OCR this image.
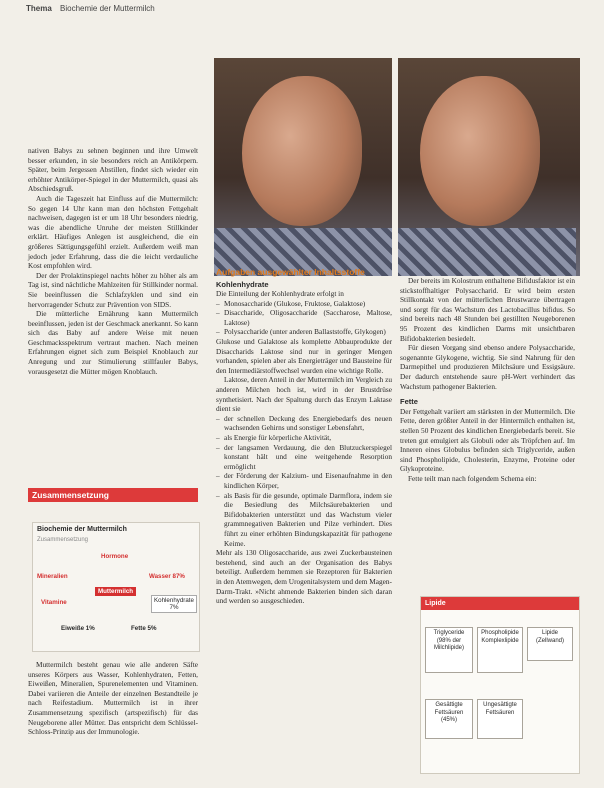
Thema Biochemie der Muttermilch

nativen Babys zu sehnen beginnen und ihre Umwelt besser erkunden, in sie besonders reich an Antikörpern. Später, beim Jergessen Abstillen, findet sich wieder ein erhöhter Antikörper-Spiegel in der Muttermilch, quasi als Abschiedsgruß.

Auch die Tageszeit hat Einfluss auf die Muttermilch: So gegen 14 Uhr kann man den höchsten Fettgehalt nachweisen, dagegen ist er um 18 Uhr besonders niedrig, was die abendliche Unruhe der meisten Stillkinder erklärt. Häufiges Anlegen ist ausgleichend, die ein größeres Sättigungsgefühl erzielt. Außerdem weiß man jedoch jeder Erfahrung, dass die die leicht verdauliche Kost empfohlen wird.

Der der Prolaktinspiegel nachts höher zu höher als am Tag ist, sind nächtliche Mahlzeiten für Stillkinder normal. Sie beeinflussen die Schlafzyklen und sind ein hervorragender Schutz zur Prävention von SIDS.

Die mütterliche Ernährung kann Muttermilch beeinflussen, jeden ist der Geschmack anerkannt. So kann sich das Baby auf andere Weise mit neuen Geschmacksspektrum vertraut machen. Nach meinen Erfahrungen eignet sich zum Beispiel Knoblauch zur Anregung und zur Stimulierung stillfauler Babys, vorausgesetzt die Mütter mögen Knoblauch.

Zusammensetzung
Biochemie der Muttermilch
Zusammensetzung
Hormone
Mineralien	Wasser 87%
Muttermilch
Vitamine	Kohlenhydrate 7%
Eiweiße 1%	Fette 5%

Muttermilch besteht genau wie alle anderen Säfte unseres Körpers aus Wasser, Kohlenhydraten, Fetten, Eiweißen, Mineralien, Spurenelementen und Vitaminen. Dabei variieren die Anteile der einzelnen Bestandteile je nach Reifestadium. Muttermilch ist in ihrer Zusammensetzung spezifisch (artspezifisch) für das Neugeborene aller Mütter. Das entspricht dem Schlüssel-Schloss-Prinzip aus der Immunologie.

Aufgaben ausgewählter Inhaltsstoffe
Kohlenhydrate

Die Einteilung der Kohlenhydrate erfolgt in

– Monosaccharide (Glukose, Fruktose, Galaktose)
– Disaccharide, Oligosaccharide (Saccharose, Maltose, Laktose)
– Polysaccharide (unter anderen Ballaststoffe, Glykogen)

Glukose und Galaktose als komplette Abbauprodukte der Disaccharids Laktose sind nur in geringer Mengen vorhanden, spielen aber als Energieträger und Bausteine für den Intermediärstoffwechsel wurden eine wichtige Rolle.

Laktose, deren Anteil in der Muttermilch im Vergleich zu anderen Milchen hoch ist, wird in der Brustdrüse synthetisiert. Nach der Spaltung durch das Enzym Laktase dient sie

– der schnellen Deckung des Energiebedarfs des neuen wachsenden Gehirns und sonstiger Lebensfahrt,
– als Energie für körperliche Aktivität,
– der langsamen Verdauung, die den Blutzuckerspiegel konstant hält und eine weitgehende Resorption ermöglicht
– der Förderung der Kalzium- und Eisenaufnahme in den kindlichen Körper,
– als Basis für die gesunde, optimale Darmflora, indem sie die Besiedlung des Milchsäurebakterien und Bifidobakterien unterstützt und das Wachstum vieler grammnegativen Bakterien und Pilze verhindert. Dies führt zu einer erhöhten Bindungskapazität für pathogene Keime.

Mehr als 130 Oligosaccharide, aus zwei Zuckerbausteinen bestehend, sind auch an der Organisation des Babys beteiligt. Außerdem hemmen sie Rezeptoren für Bakterien in den Atemwegen, dem Urogenitalsystem und dem Magen-Darm-Trakt. »Nicht ahmende Bakterien binden sich daran und werden so ausgeschieden.

Der bereits im Kolostrum enthaltene Bifidusfaktor ist ein stickstoffhaltiger Polysaccharid. Er wird beim ersten Stillkontakt von der mütterlichen Brustwarze übertragen und sorgt für das Wachstum des Lactobacillus bifidus. So sind bereits nach 48 Stunden bei gestillten Neugeborenen 95 Prozent des kindlichen Darms mit unsichtbaren Bifidobakterien besiedelt.

Für diesen Vorgang sind ebenso andere Polysaccharide, sogenannte Glykogene, wichtig. Sie sind Nahrung für den Darmepithel und produzieren Milchsäure und Essigsäure. Der dadurch entstehende saure pH-Wert verhindert das Wachstum pathogener Bakterien.

Fette

Der Fettgehalt variiert am stärksten in der Muttermilch. Die Fette, deren größter Anteil in der Hintermilch enthalten ist, stellen 50 Prozent des kindlichen Energiebedarfs bereit. Sie treten gut emulgiert als Globuli oder als Tröpfchen auf. Im Inneren eines Globulus befinden sich Triglyceride, außen sind Phospholipide, Cholesterin, Enzyme, Proteine oder Glykoproteine.

Fette teilt man nach folgendem Schema ein:

Lipide
Triglyceride (98% der Milchlipide)
Phospholipide Komplexlipide
Lipide (Zellwand)
Gesättigte Fettsäuren (45%)
Ungesättigte Fettsäuren
